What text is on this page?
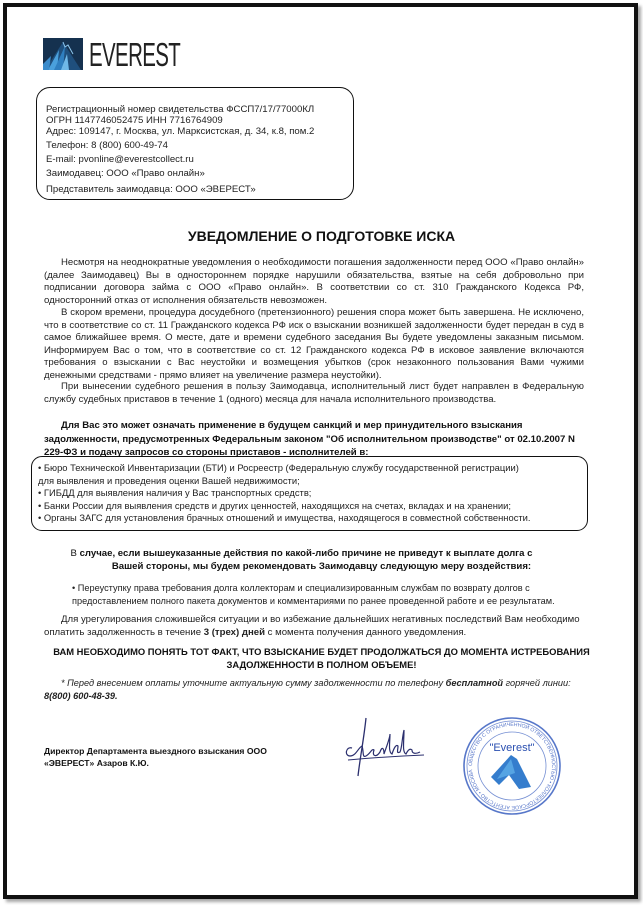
EVEREST
Регистрационный номер свидетельства ФССП7/17/77000КЛ
ОГРН 1147746052475 ИНН 7716764909
Адрес: 109147, г. Москва, ул. Марксистская, д. 34, к.8, пом.2
Телефон: 8 (800) 600-49-74
E-mail: pvonline@everestcollect.ru
Заимодавец: ООО «Право онлайн»
Представитель заимодавца: ООО «ЭВЕРЕСТ»
УВЕДОМЛЕНИЕ О ПОДГОТОВКЕ ИСКА
Несмотря на неоднократные уведомления о необходимости погашения задолженности перед ООО «Право онлайн» (далее Заимодавец) Вы в одностороннем порядке нарушили обязательства, взятые на себя добровольно при подписании договора займа с ООО «Право онлайн». В соответствии со ст. 310 Гражданского Кодекса РФ, односторонний отказ от исполнения обязательств невозможен.
В скором времени, процедура досудебного (претензионного) решения спора может быть завершена. Не исключено, что в соответствие со ст. 11 Гражданского кодекса РФ иск о взыскании возникшей задолженности будет передан в суд в самое ближайшее время. О месте, дате и времени судебного заседания Вы будете уведомлены заказным письмом. Информируем Вас о том, что в соответствие со ст. 12 Гражданского кодекса РФ в исковое заявление включаются требования о взыскании с Вас неустойки и возмещения убытков (срок незаконного пользования Вами чужими денежными средствами - прямо влияет на увеличение размера неустойки).
При вынесении судебного решения в пользу Заимодавца, исполнительный лист будет направлен в Федеральную службу судебных приставов в течение 1 (одного) месяца для начала исполнительного производства.
Для Вас это может означать применение в будущем санкций и мер принудительного взыскания задолженности, предусмотренных Федеральным законом "Об исполнительном производстве" от 02.10.2007 N 229-ФЗ и подачу запросов со стороны приставов - исполнителей в:
• Бюро Технической Инвентаризации (БТИ) и Росреестр (Федеральную службу государственной регистрации)
для выявления и проведения оценки Вашей недвижимости;
• ГИБДД для выявления наличия у Вас транспортных средств;
• Банки России для выявления средств и других ценностей, находящихся на счетах, вкладах и на хранении;
• Органы ЗАГС для установления брачных отношений и имущества, находящегося в совместной собственности.
В случае, если вышеуказанные действия по какой-либо причине не приведут к выплате долга с
Вашей стороны, мы будем рекомендовать Заимодавцу следующую меру воздействия:
• Переуступку права требования долга коллекторам и специализированным службам по возврату долгов с
предоставлением полного пакета документов и комментариями по ранее проведенной работе и ее результатам.
Для урегулирования сложившейся ситуации и во избежание дальнейших негативных последствий Вам необходимо оплатить задолженность в течение 3 (трех) дней с момента получения данного уведомления.
ВАМ НЕОБХОДИМО ПОНЯТЬ ТОТ ФАКТ, ЧТО ВЗЫСКАНИЕ БУДЕТ ПРОДОЛЖАТЬСЯ ДО МОМЕНТА ИСТРЕБОВАНИЯ
ЗАДОЛЖЕННОСТИ В ПОЛНОМ ОБЪЕМЕ!
* Перед внесением оплаты уточните актуальную сумму задолженности по телефону бесплатной горячей линии: 8(800) 600-48-39.
Директор Департамента выездного взыскания ООО
«ЭВЕРЕСТ» Азаров К.Ю.	ОБЩЕСТВО С ОГРАНИЧЕННОЙ ОТВЕТСТВЕННОСТЬЮ • КОЛЛЕКТОРСКОЕ АГЕНТСТВО • МОСКВА
"Everest"
